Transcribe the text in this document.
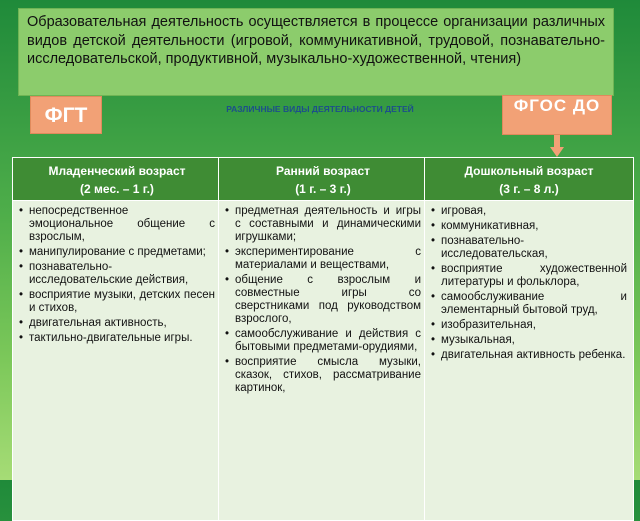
Образовательная деятельность осуществляется в процессе организации различных видов детской деятельности (игровой, коммуникативной, трудовой, познавательно-исследовательской, продуктивной, музыкально-художественной, чтения)
ФГТ	ФГОС ДО
РАЗЛИЧНЫЕ ВИДЫ ДЕЯТЕЛЬНОСТИ ДЕТЕЙ
Младенческий возраст
(2 мес. – 1 г.)
• непосредственное эмоциональное общение с взрослым,
• манипулирование с предметами;
• познавательно-исследовательские действия,
• восприятие музыки, детских песен и стихов,
• двигательная активность,
• тактильно-двигательные игры.
Ранний возраст
(1 г. – 3 г.)
• предметная деятельность и игры с составными и динамическими игрушками;
• экспериментирование с материалами и веществами,
• общение с взрослым и совместные игры со сверстниками под руководством взрослого,
• самообслуживание и действия с бытовыми предметами-орудиями,
• восприятие смысла музыки, сказок, стихов, рассматривание картинок,
Дошкольный возраст
(3 г. – 8 л.)
• игровая,
• коммуникативная,
• познавательно-исследовательская,
• восприятие художественной литературы и фольклора,
• самообслуживание и элементарный бытовой труд,
• изобразительная,
• музыкальная,
• двигательная активность ребенка.
